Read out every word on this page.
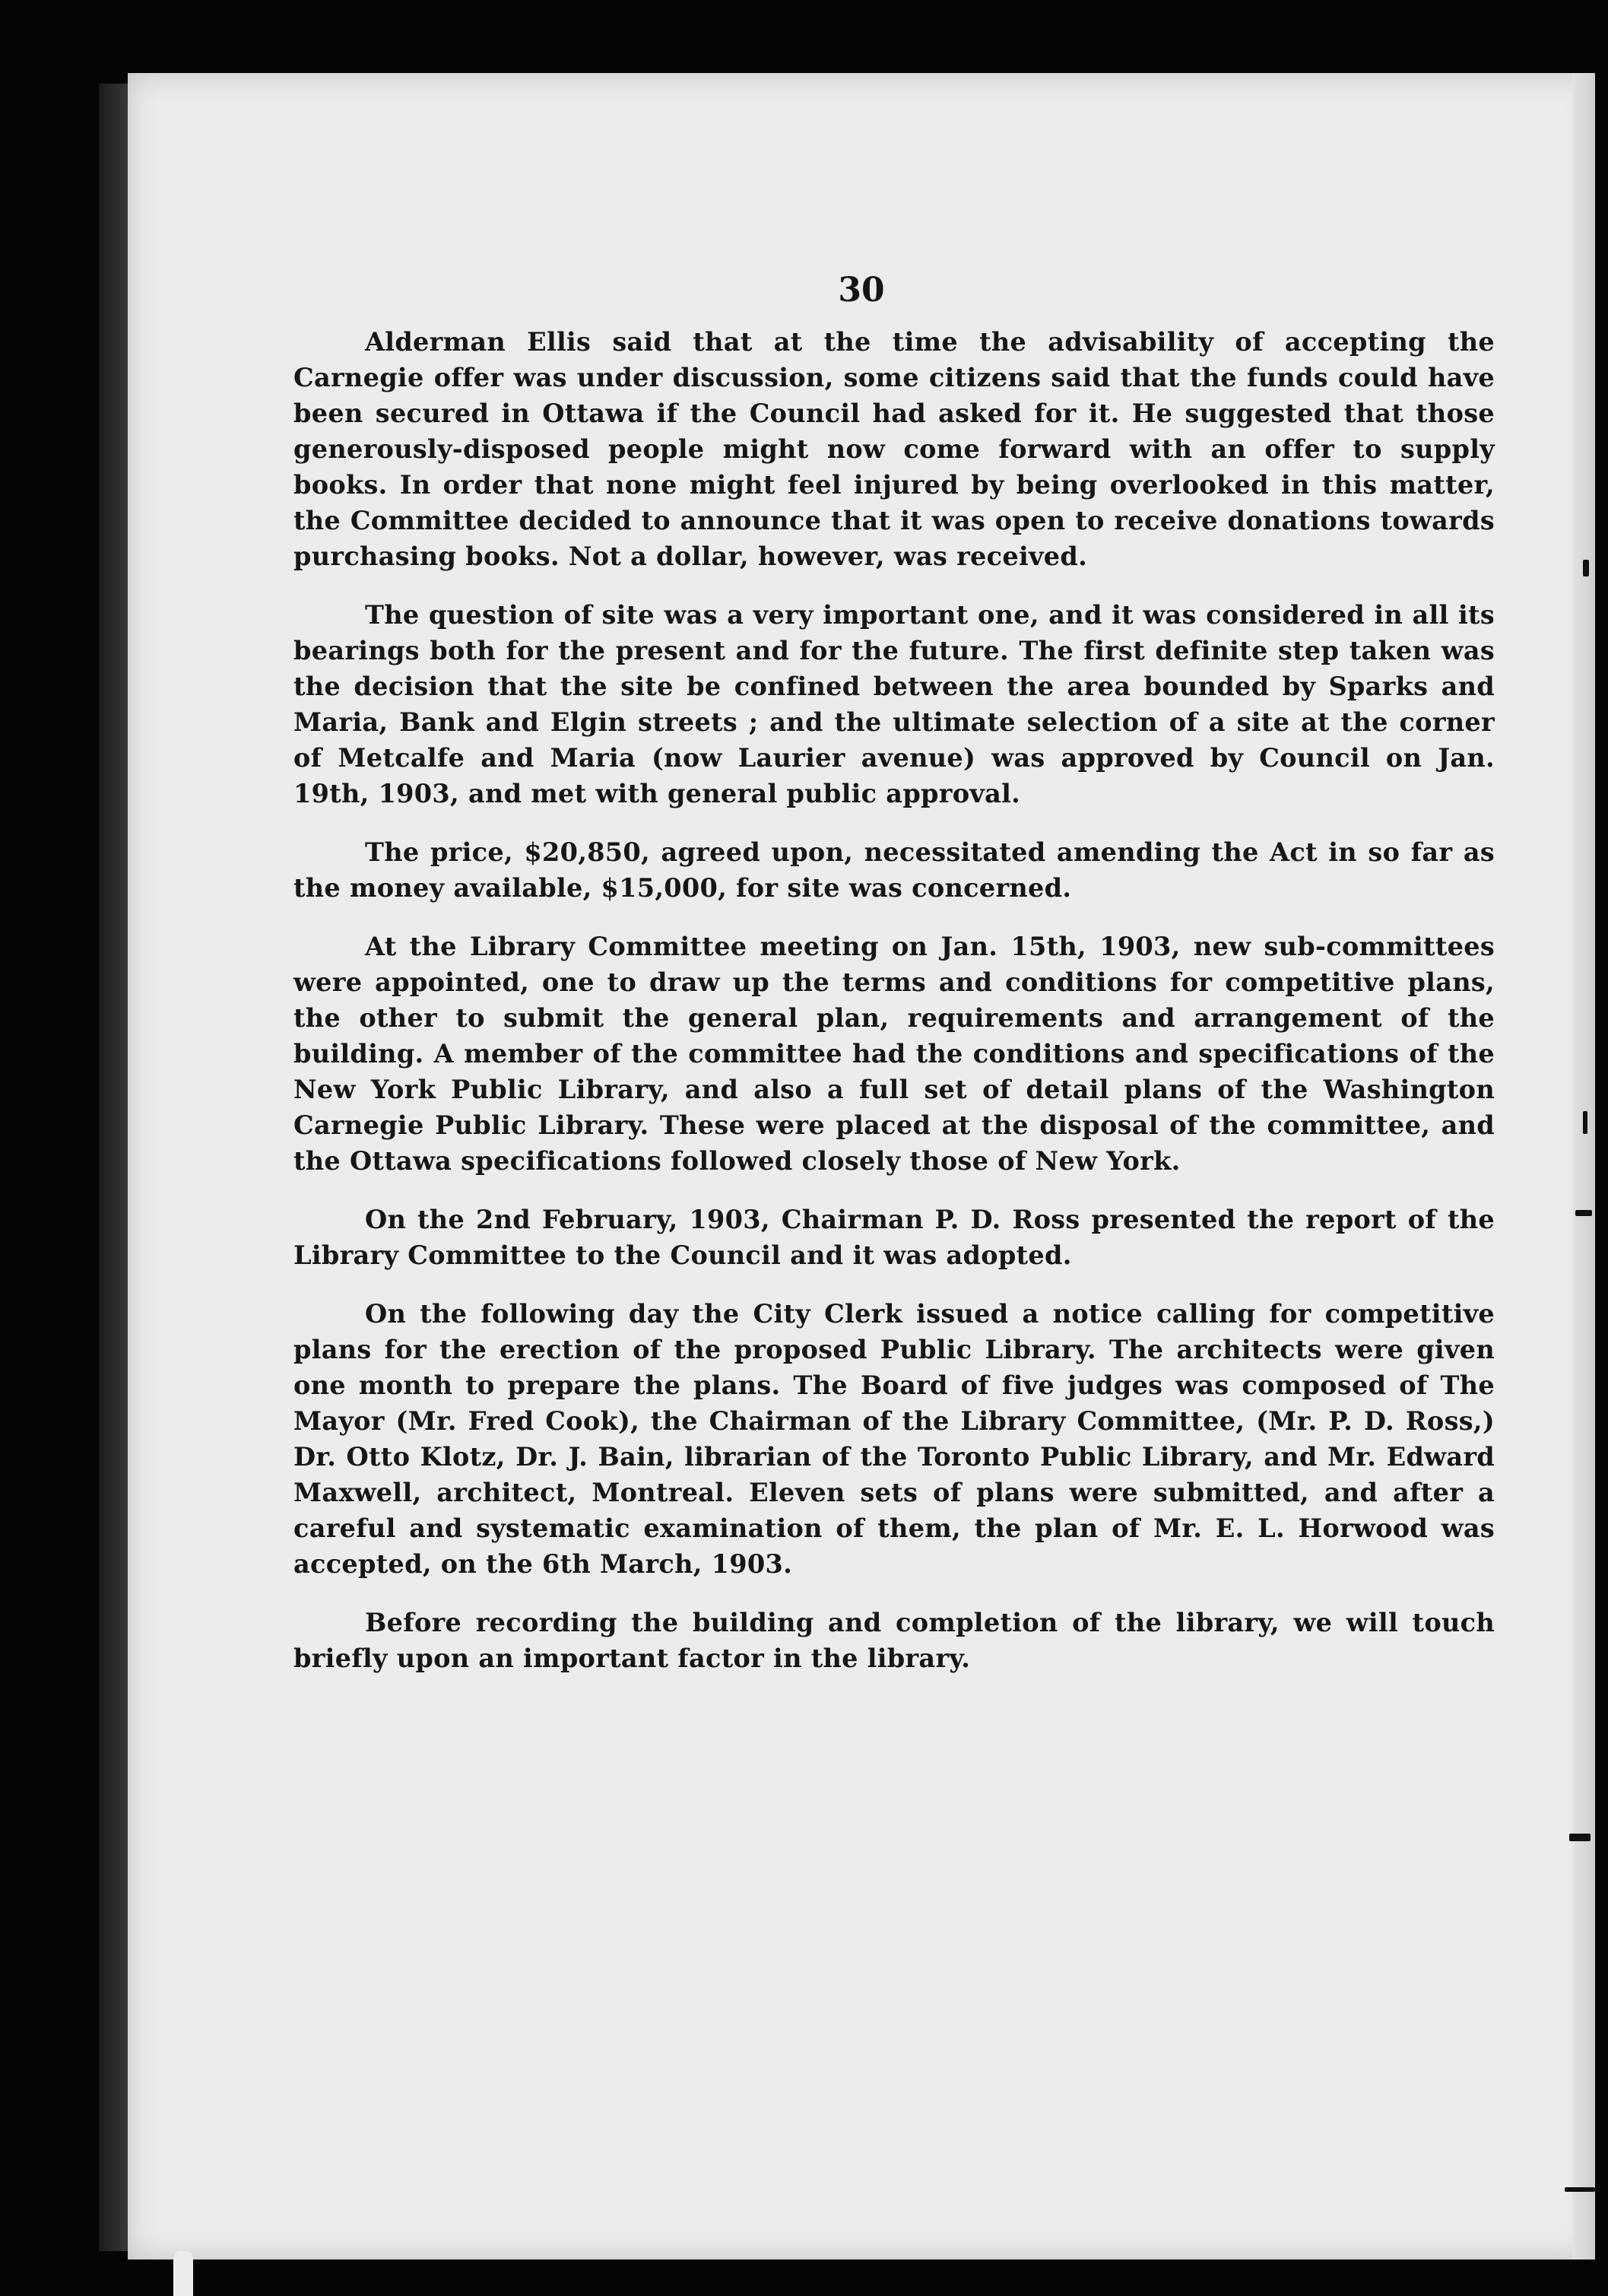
30

Alderman Ellis said that at the time the advisability of accepting the Carnegie offer was under discussion, some citizens said that the funds could have been secured in Ottawa if the Council had asked for it. He suggested that those generously-disposed people might now come forward with an offer to supply books. In order that none might feel injured by being overlooked in this matter, the Committee decided to announce that it was open to receive donations towards purchasing books. Not a dollar, however, was received.

The question of site was a very important one, and it was considered in all its bearings both for the present and for the future. The first definite step taken was the decision that the site be confined between the area bounded by Sparks and Maria, Bank and Elgin streets ; and the ultimate selection of a site at the corner of Metcalfe and Maria (now Laurier avenue) was approved by Council on Jan. 19th, 1903, and met with general public approval.

The price, $20,850, agreed upon, necessitated amending the Act in so far as the money available, $15,000, for site was concerned.

At the Library Committee meeting on Jan. 15th, 1903, new sub-committees were appointed, one to draw up the terms and conditions for competitive plans, the other to submit the general plan, requirements and arrangement of the building. A member of the committee had the conditions and specifications of the New York Public Library, and also a full set of detail plans of the Washington Carnegie Public Library. These were placed at the disposal of the committee, and the Ottawa specifications followed closely those of New York.

On the 2nd February, 1903, Chairman P. D. Ross presented the report of the Library Committee to the Council and it was adopted.

On the following day the City Clerk issued a notice calling for competitive plans for the erection of the proposed Public Library. The architects were given one month to prepare the plans. The Board of five judges was composed of The Mayor (Mr. Fred Cook), the Chairman of the Library Committee, (Mr. P. D. Ross,) Dr. Otto Klotz, Dr. J. Bain, librarian of the Toronto Public Library, and Mr. Edward Maxwell, architect, Montreal. Eleven sets of plans were submitted, and after a careful and systematic examination of them, the plan of Mr. E. L. Horwood was accepted, on the 6th March, 1903.

Before recording the building and completion of the library, we will touch briefly upon an important factor in the library.
